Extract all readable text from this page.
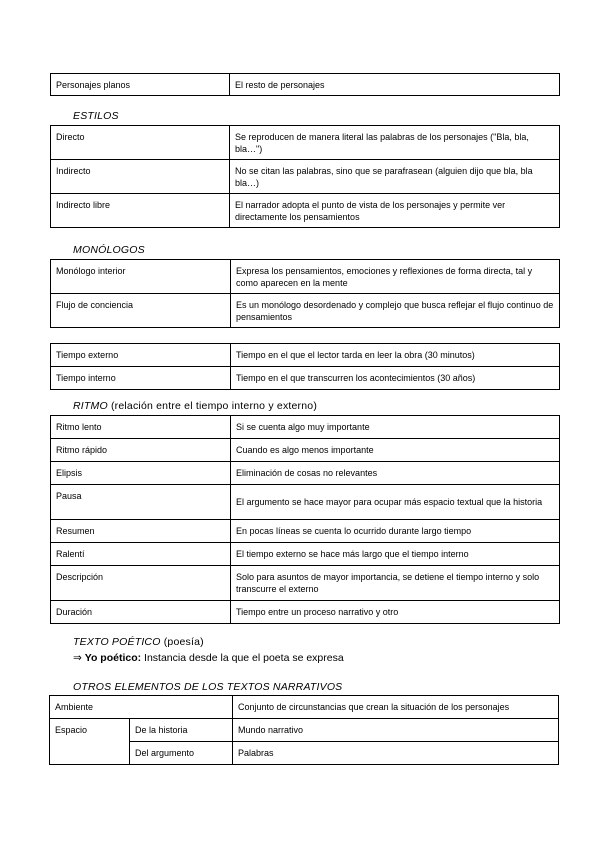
Personajes planos	El resto de personajes
ESTILOS
Directo	Se reproducen de manera literal las palabras de los personajes ("Bla, bla, bla…")
Indirecto	No se citan las palabras, sino que se parafrasean (alguien dijo que bla, bla bla…)
Indirecto libre	El narrador adopta el punto de vista de los personajes y permite ver directamente los pensamientos
MONÓLOGOS
Monólogo interior	Expresa los pensamientos, emociones y reflexiones de forma directa, tal y como aparecen en la mente
Flujo de conciencia	Es un monólogo desordenado y complejo que busca reflejar el flujo continuo de pensamientos
Tiempo externo	Tiempo en el que el lector tarda en leer la obra (30 minutos)
Tiempo interno	Tiempo en el que transcurren los acontecimientos (30 años)
RITMO (relación entre el tiempo interno y externo)
Ritmo lento	Si se cuenta algo muy importante
Ritmo rápido	Cuando es algo menos importante
Elipsis	Eliminación de cosas no relevantes
Pausa	El argumento se hace mayor para ocupar más espacio textual que la historia
Resumen	En pocas líneas se cuenta lo ocurrido durante largo tiempo
Ralentí	El tiempo externo se hace más largo que el tiempo interno
Descripción	Solo para asuntos de mayor importancia, se detiene el tiempo interno y solo transcurre el externo
Duración	Tiempo entre un proceso narrativo y otro
TEXTO POÉTICO (poesía)
⇒ Yo poético: Instancia desde la que el poeta se expresa
OTROS ELEMENTOS DE LOS TEXTOS NARRATIVOS
Ambiente		Conjunto de circunstancias que crean la situación de los personajes
Espacio	De la historia	Mundo narrativo
	Del argumento	Palabras
